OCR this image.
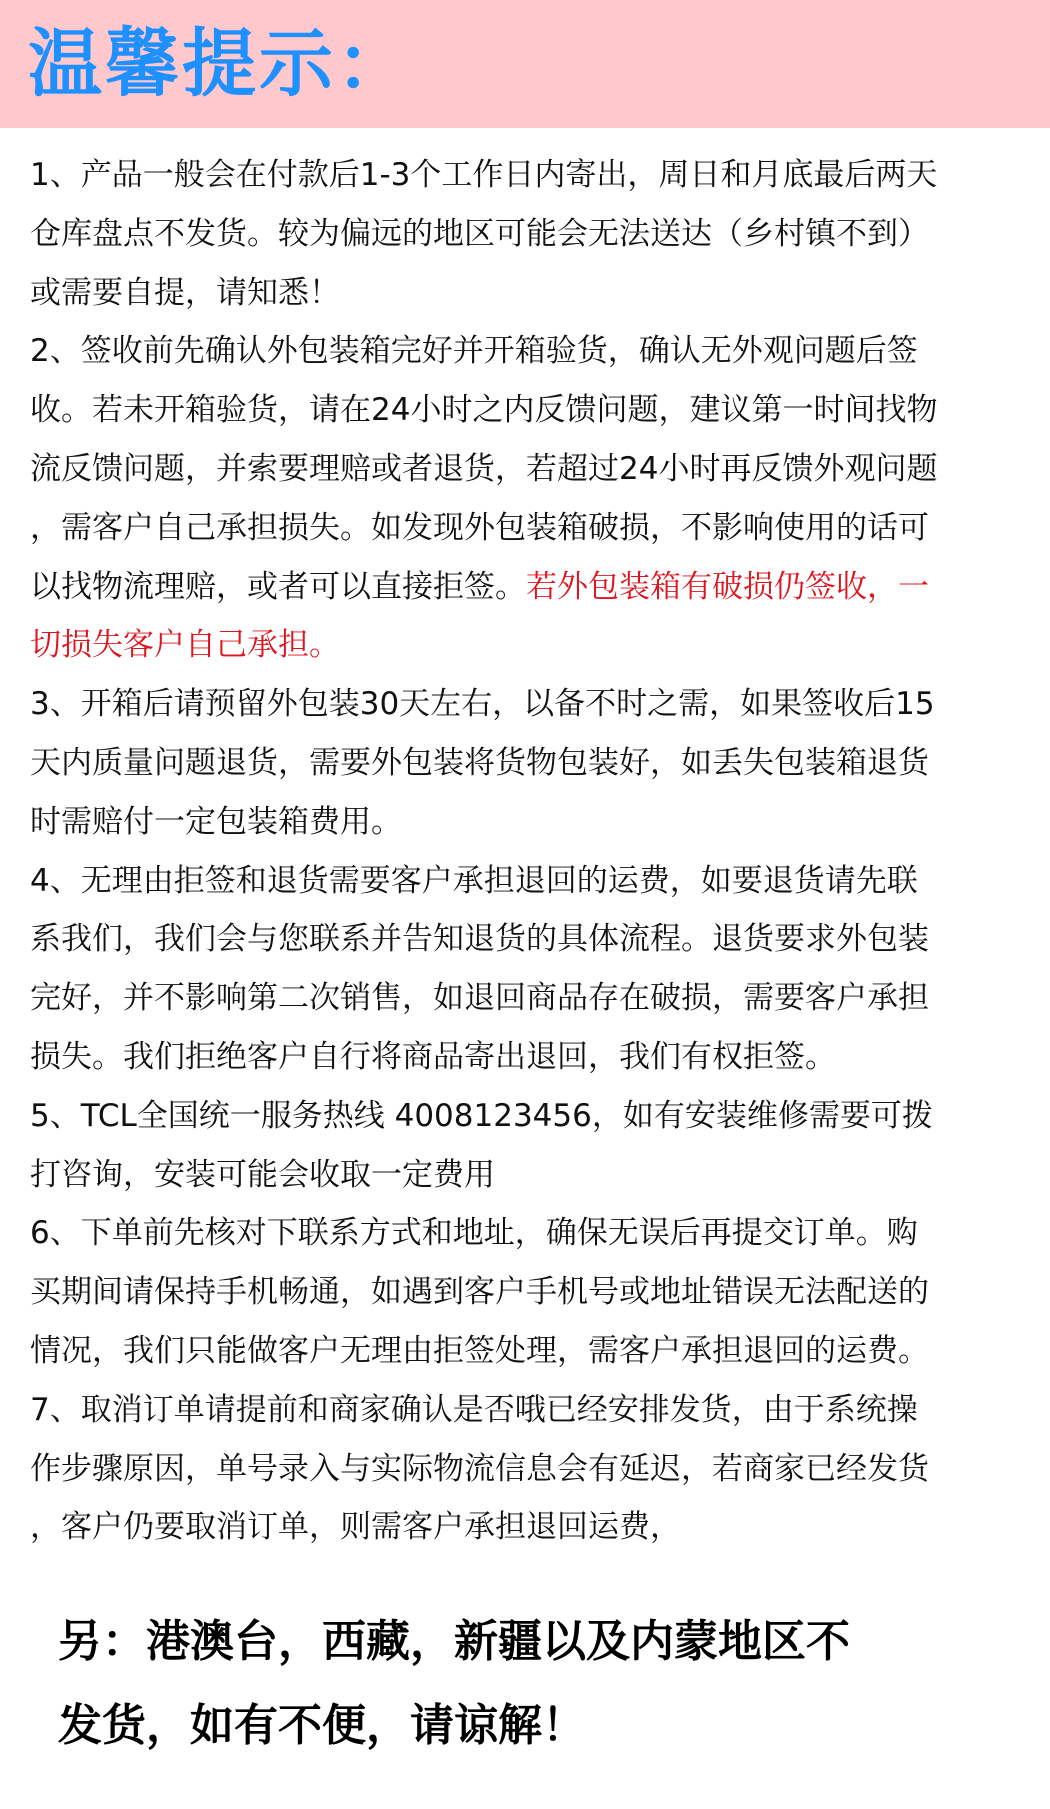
温馨提示：

1、产品一般会在付款后1-3个工作日内寄出，周日和月底最后两天
仓库盘点不发货。较为偏远的地区可能会无法送达（乡村镇不到）
或需要自提，请知悉！

2、签收前先确认外包装箱完好并开箱验货，确认无外观问题后签
收。若未开箱验货，请在24小时之内反馈问题，建议第一时间找物
流反馈问题，并索要理赔或者退货，若超过24小时再反馈外观问题
，需客户自己承担损失。如发现外包装箱破损，不影响使用的话可
以找物流理赔，或者可以直接拒签。若外包装箱有破损仍签收，一
切损失客户自己承担。

3、开箱后请预留外包装30天左右，以备不时之需，如果签收后15
天内质量问题退货，需要外包装将货物包装好，如丢失包装箱退货
时需赔付一定包装箱费用。

4、无理由拒签和退货需要客户承担退回的运费，如要退货请先联
系我们，我们会与您联系并告知退货的具体流程。退货要求外包装
完好，并不影响第二次销售，如退回商品存在破损，需要客户承担
损失。我们拒绝客户自行将商品寄出退回，我们有权拒签。

5、TCL全国统一服务热线 4008123456，如有安装维修需要可拨
打咨询，安装可能会收取一定费用

6、下单前先核对下联系方式和地址，确保无误后再提交订单。购
买期间请保持手机畅通，如遇到客户手机号或地址错误无法配送的
情况，我们只能做客户无理由拒签处理，需客户承担退回的运费。

7、取消订单请提前和商家确认是否哦已经安排发货，由于系统操
作步骤原因，单号录入与实际物流信息会有延迟，若商家已经发货
，客户仍要取消订单，则需客户承担退回运费，

另：港澳台，西藏，新疆以及内蒙地区不
发货，如有不便，请谅解！
